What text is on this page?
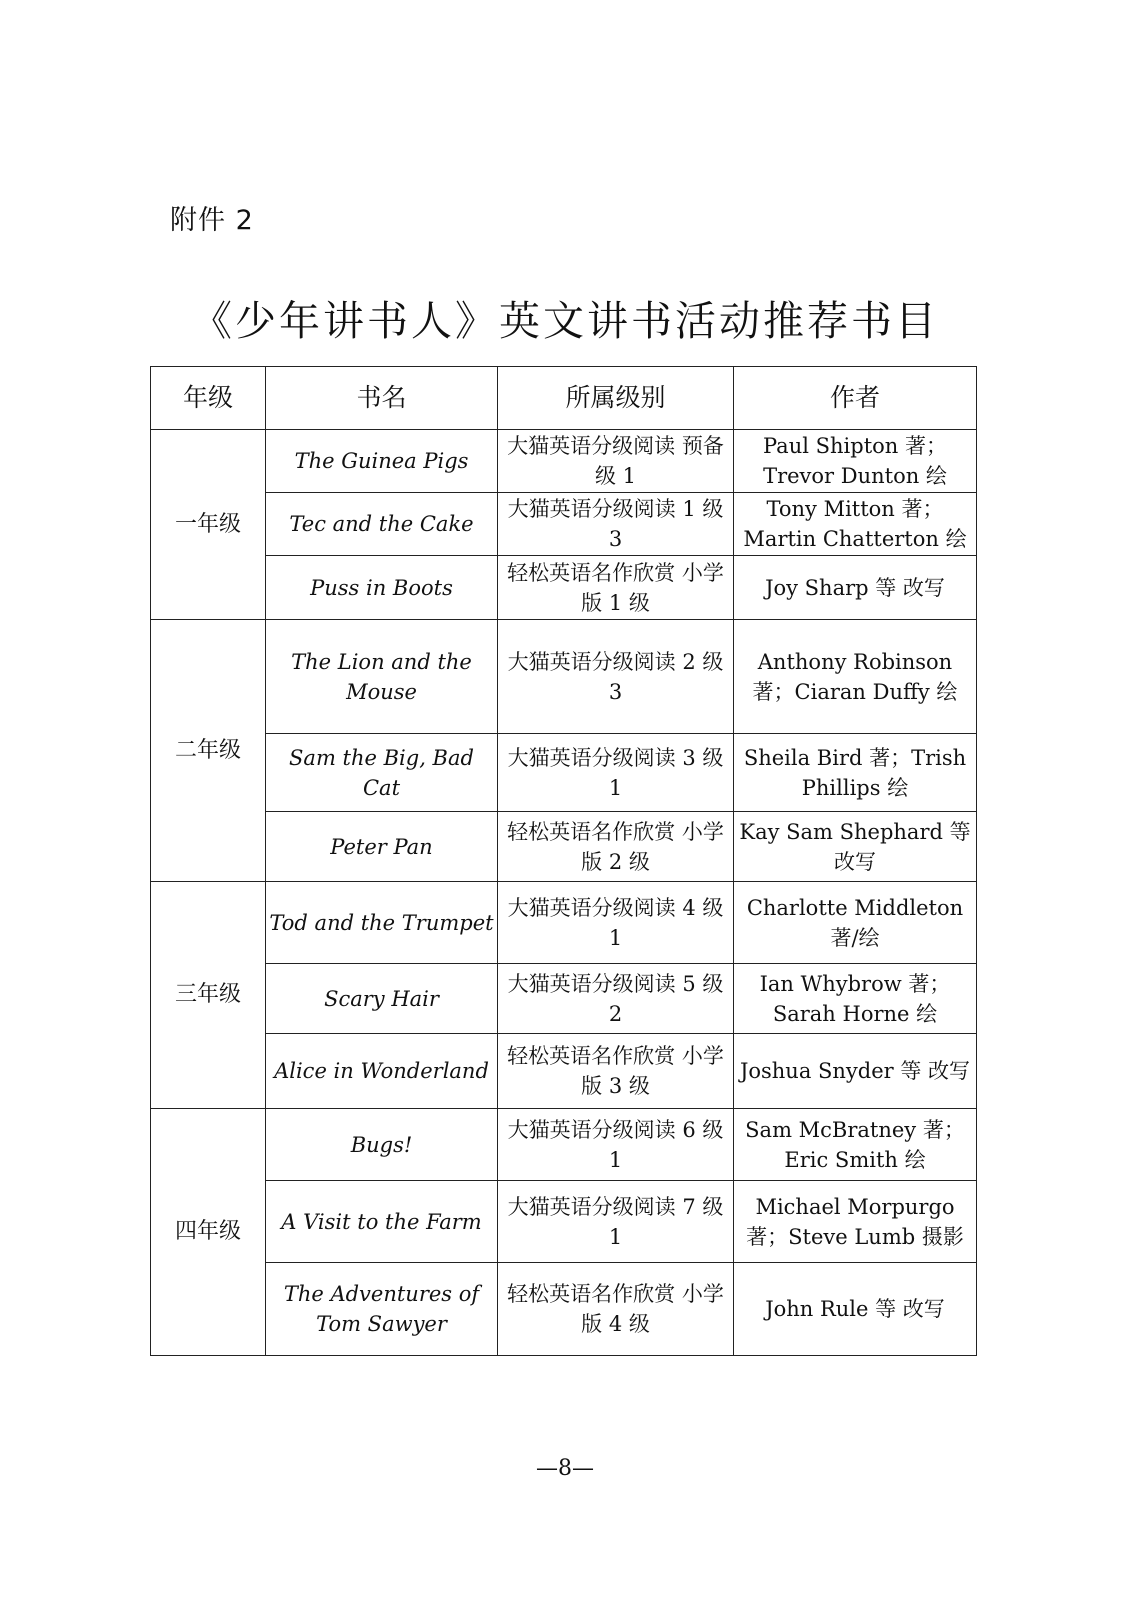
附件 2
《少年讲书人》英文讲书活动推荐书目
年级	书名	所属级别	作者
一年级	The Guinea Pigs	大猫英语分级阅读 预备级 1	Paul Shipton 著；Trevor Dunton 绘
	Tec and the Cake	大猫英语分级阅读 1 级 3	Tony Mitton 著；Martin Chatterton 绘
	Puss in Boots	轻松英语名作欣赏 小学版 1 级	Joy Sharp 等 改写
二年级	The Lion and the Mouse	大猫英语分级阅读 2 级 3	Anthony Robinson 著；Ciaran Duffy 绘
	Sam the Big, Bad Cat	大猫英语分级阅读 3 级 1	Sheila Bird 著；Trish Phillips 绘
	Peter Pan	轻松英语名作欣赏 小学版 2 级	Kay Sam Shephard 等 改写
三年级	Tod and the Trumpet	大猫英语分级阅读 4 级 1	Charlotte Middleton 著/绘
	Scary Hair	大猫英语分级阅读 5 级 2	Ian Whybrow 著；Sarah Horne 绘
	Alice in Wonderland	轻松英语名作欣赏 小学版 3 级	Joshua Snyder 等 改写
四年级	Bugs!	大猫英语分级阅读 6 级 1	Sam McBratney 著；Eric Smith 绘
	A Visit to the Farm	大猫英语分级阅读 7 级 1	Michael Morpurgo 著；Steve Lumb 摄影
	The Adventures of Tom Sawyer	轻松英语名作欣赏 小学版 4 级	John Rule 等 改写
—8—
